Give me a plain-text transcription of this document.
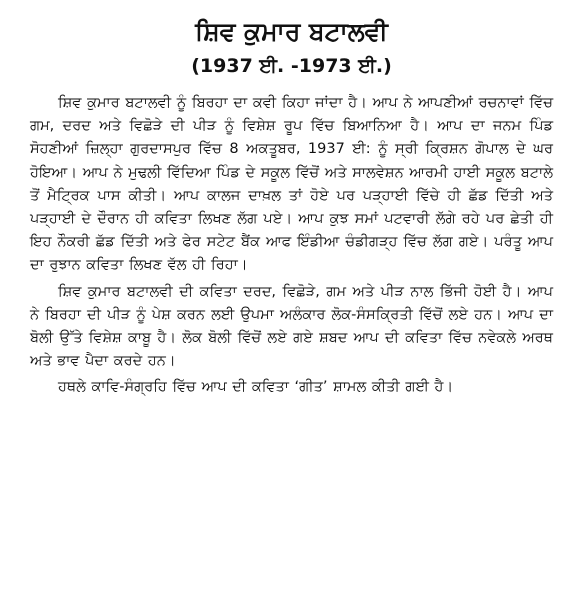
ਸ਼ਿਵ ਕੁਮਾਰ ਬਟਾਲਵੀ
(1937 ਈ. -1973 ਈ.)

ਸ਼ਿਵ ਕੁਮਾਰ ਬਟਾਲਵੀ ਨੂੰ ਬਿਰਹਾ ਦਾ ਕਵੀ ਕਿਹਾ ਜਾਂਦਾ ਹੈ। ਆਪ ਨੇ ਆਪਣੀਆਂ ਰਚਨਾਵਾਂ ਵਿੱਚ ਗਮ, ਦਰਦ ਅਤੇ ਵਿਛੋੜੇ ਦੀ ਪੀੜ ਨੂੰ ਵਿਸ਼ੇਸ਼ ਰੂਪ ਵਿੱਚ ਬਿਆਨਿਆ ਹੈ। ਆਪ ਦਾ ਜਨਮ ਪਿੰਡ ਸੋਹਣੀਆਂ ਜ਼ਿਲ੍ਹਾ ਗੁਰਦਾਸਪੁਰ ਵਿੱਚ 8 ਅਕਤੂਬਰ, 1937 ਈ: ਨੂੰ ਸ੍ਰੀ ਕ੍ਰਿਸ਼ਨ ਗੋਪਾਲ ਦੇ ਘਰ ਹੋਇਆ। ਆਪ ਨੇ ਮੁਢਲੀ ਵਿੱਦਿਆ ਪਿੰਡ ਦੇ ਸਕੂਲ ਵਿੱਚੋਂ ਅਤੇ ਸਾਲਵੇਸ਼ਨ ਆਰਮੀ ਹਾਈ ਸਕੂਲ ਬਟਾਲੇ ਤੋਂ ਮੈਟ੍ਰਿਕ ਪਾਸ ਕੀਤੀ। ਆਪ ਕਾਲਜ ਦਾਖ਼ਲ ਤਾਂ ਹੋਏ ਪਰ ਪੜ੍ਹਾਈ ਵਿੱਚੇ ਹੀ ਛੱਡ ਦਿੱਤੀ ਅਤੇ ਪੜ੍ਹਾਈ ਦੇ ਦੌਰਾਨ ਹੀ ਕਵਿਤਾ ਲਿਖਣ ਲੱਗ ਪਏ। ਆਪ ਕੁਝ ਸਮਾਂ ਪਟਵਾਰੀ ਲੱਗੇ ਰਹੇ ਪਰ ਛੇਤੀ ਹੀ ਇਹ ਨੌਕਰੀ ਛੱਡ ਦਿੱਤੀ ਅਤੇ ਫੇਰ ਸਟੇਟ ਬੈਂਕ ਆਫ ਇੰਡੀਆ ਚੰਡੀਗੜ੍ਹ ਵਿੱਚ ਲੱਗ ਗਏ। ਪਰੰਤੂ ਆਪ ਦਾ ਰੁਝਾਨ ਕਵਿਤਾ ਲਿਖਣ ਵੱਲ ਹੀ ਰਿਹਾ।

ਸ਼ਿਵ ਕੁਮਾਰ ਬਟਾਲਵੀ ਦੀ ਕਵਿਤਾ ਦਰਦ, ਵਿਛੋੜੇ, ਗਮ ਅਤੇ ਪੀੜ ਨਾਲ ਭਿੱਜੀ ਹੋਈ ਹੈ। ਆਪ ਨੇ ਬਿਰਹਾ ਦੀ ਪੀੜ ਨੂੰ ਪੇਸ਼ ਕਰਨ ਲਈ ਉਪਮਾ ਅਲੰਕਾਰ ਲੋਕ-ਸੰਸਕ੍ਰਿਤੀ ਵਿੱਚੋਂ ਲਏ ਹਨ। ਆਪ ਦਾ ਬੋਲੀ ਉੱਤੇ ਵਿਸ਼ੇਸ਼ ਕਾਬੂ ਹੈ। ਲੋਕ ਬੋਲੀ ਵਿੱਚੋਂ ਲਏ ਗਏ ਸ਼ਬਦ ਆਪ ਦੀ ਕਵਿਤਾ ਵਿੱਚ ਨਵੇਕਲੇ ਅਰਥ ਅਤੇ ਭਾਵ ਪੈਦਾ ਕਰਦੇ ਹਨ।

ਹਥਲੇ ਕਾਵਿ-ਸੰਗ੍ਰਹਿ ਵਿੱਚ ਆਪ ਦੀ ਕਵਿਤਾ ‘ਗੀਤ’ ਸ਼ਾਮਲ ਕੀਤੀ ਗਈ ਹੈ।
